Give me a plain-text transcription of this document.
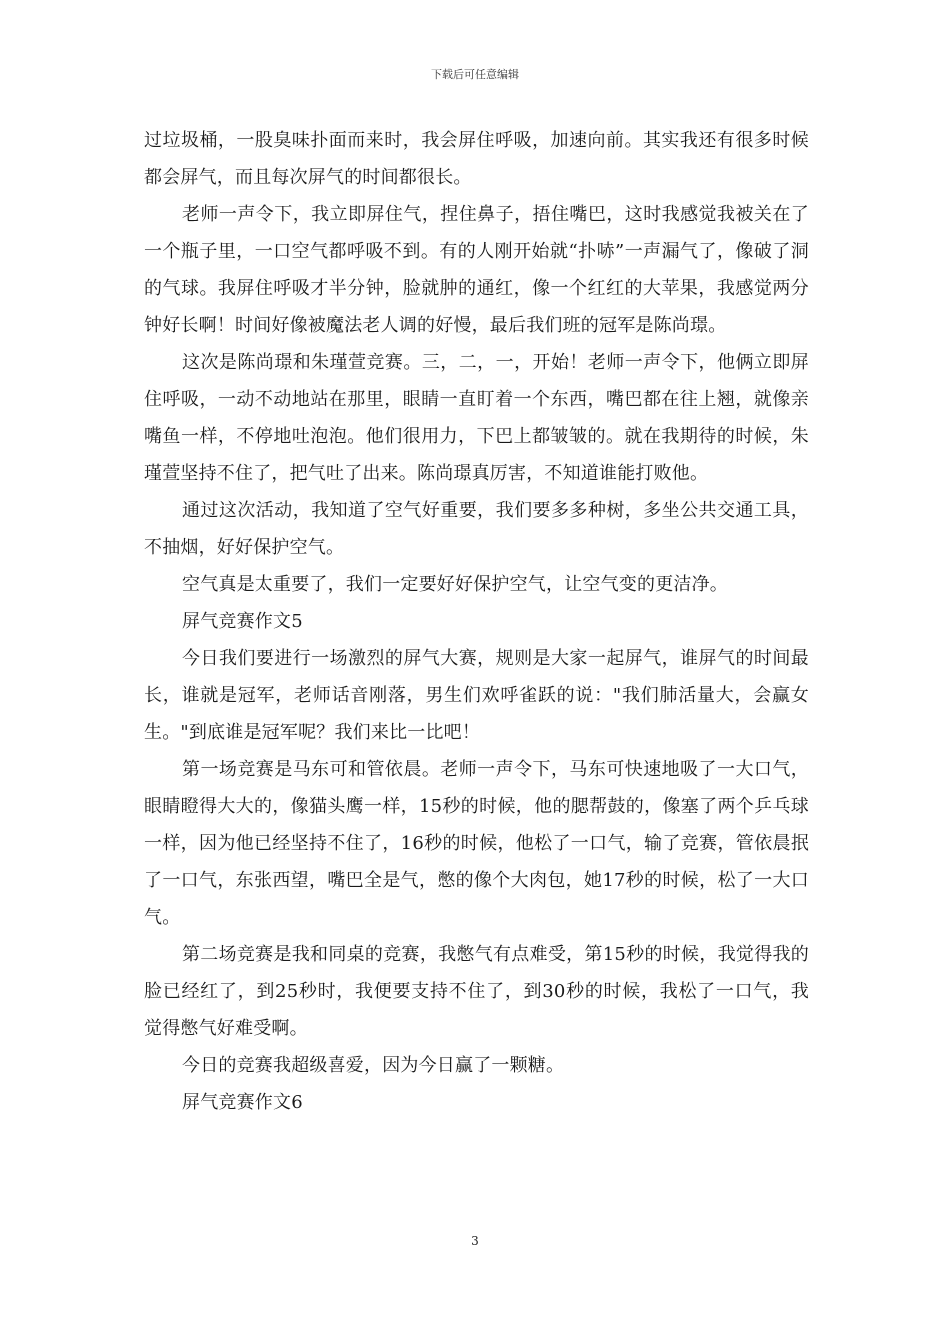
下载后可任意编辑

过垃圾桶，一股臭味扑面而来时，我会屏住呼吸，加速向前。其实我还有很多时候都会屏气，而且每次屏气的时间都很长。

老师一声令下，我立即屏住气，捏住鼻子，捂住嘴巴，这时我感觉我被关在了一个瓶子里，一口空气都呼吸不到。有的人刚开始就“扑哧”一声漏气了，像破了洞的气球。我屏住呼吸才半分钟，脸就肿的通红，像一个红红的大苹果，我感觉两分钟好长啊！时间好像被魔法老人调的好慢，最后我们班的冠军是陈尚璟。

这次是陈尚璟和朱瑾萱竞赛。三，二，一，开始！老师一声令下，他俩立即屏住呼吸，一动不动地站在那里，眼睛一直盯着一个东西，嘴巴都在往上翘，就像亲嘴鱼一样，不停地吐泡泡。他们很用力，下巴上都皱皱的。就在我期待的时候，朱瑾萱坚持不住了，把气吐了出来。陈尚璟真厉害，不知道谁能打败他。

通过这次活动，我知道了空气好重要，我们要多多种树，多坐公共交通工具，不抽烟，好好保护空气。

空气真是太重要了，我们一定要好好保护空气，让空气变的更洁净。

屏气竞赛作文5

今日我们要进行一场激烈的屏气大赛，规则是大家一起屏气，谁屏气的时间最长，谁就是冠军，老师话音刚落，男生们欢呼雀跃的说："我们肺活量大，会赢女生。"到底谁是冠军呢？我们来比一比吧！

第一场竞赛是马东可和管依晨。老师一声令下，马东可快速地吸了一大口气，眼睛瞪得大大的，像猫头鹰一样，15秒的时候，他的腮帮鼓的，像塞了两个乒乓球一样，因为他已经坚持不住了，16秒的时候，他松了一口气，输了竞赛，管依晨抿了一口气，东张西望，嘴巴全是气，憋的像个大肉包，她17秒的时候，松了一大口气。

第二场竞赛是我和同桌的竞赛，我憋气有点难受，第15秒的时候，我觉得我的脸已经红了，到25秒时，我便要支持不住了，到30秒的时候，我松了一口气，我觉得憋气好难受啊。

今日的竞赛我超级喜爱，因为今日赢了一颗糖。

屏气竞赛作文6

3
